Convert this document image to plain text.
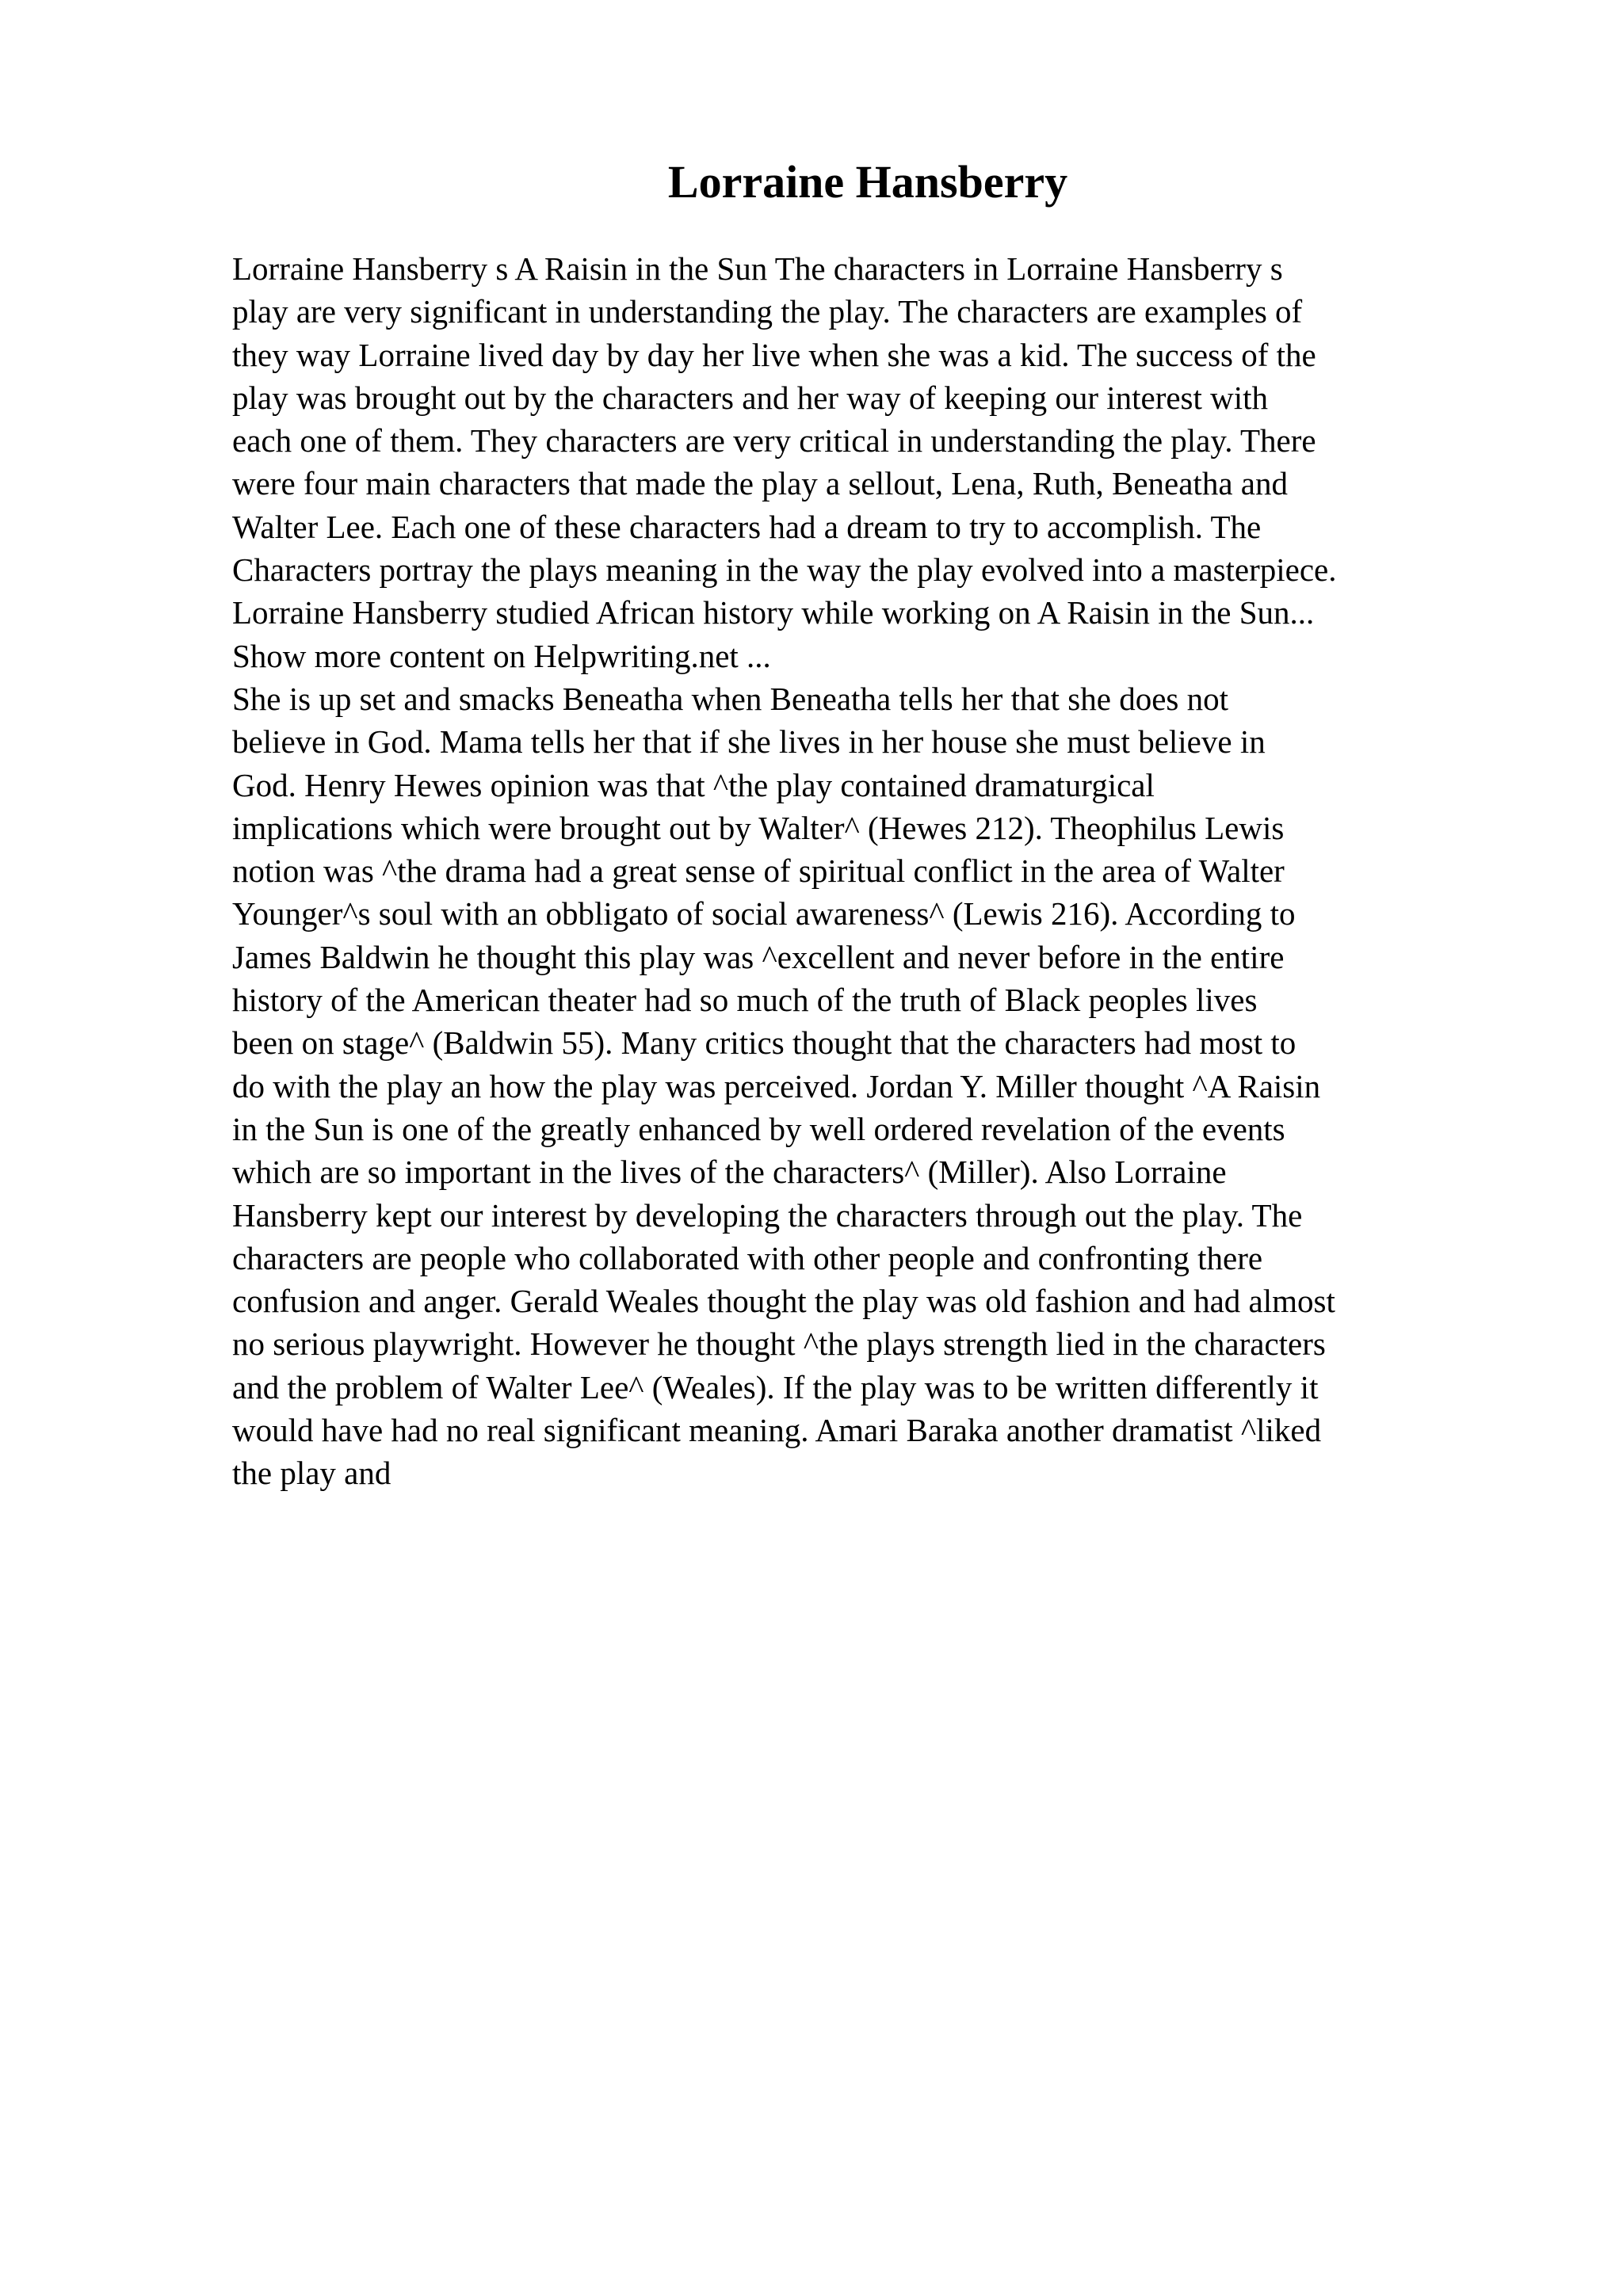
Lorraine Hansberry
Lorraine Hansberry s A Raisin in the Sun The characters in Lorraine Hansberry s
play are very significant in understanding the play. The characters are examples of
they way Lorraine lived day by day her live when she was a kid. The success of the
play was brought out by the characters and her way of keeping our interest with
each one of them. They characters are very critical in understanding the play. There
were four main characters that made the play a sellout, Lena, Ruth, Beneatha and
Walter Lee. Each one of these characters had a dream to try to accomplish. The
Characters portray the plays meaning in the way the play evolved into a masterpiece.
Lorraine Hansberry studied African history while working on A Raisin in the Sun...
Show more content on Helpwriting.net ...
She is up set and smacks Beneatha when Beneatha tells her that she does not
believe in God. Mama tells her that if she lives in her house she must believe in
God. Henry Hewes opinion was that ^the play contained dramaturgical
implications which were brought out by Walter^ (Hewes 212). Theophilus Lewis
notion was ^the drama had a great sense of spiritual conflict in the area of Walter
Younger^s soul with an obbligato of social awareness^ (Lewis 216). According to
James Baldwin he thought this play was ^excellent and never before in the entire
history of the American theater had so much of the truth of Black peoples lives
been on stage^ (Baldwin 55). Many critics thought that the characters had most to
do with the play an how the play was perceived. Jordan Y. Miller thought ^A Raisin
in the Sun is one of the greatly enhanced by well ordered revelation of the events
which are so important in the lives of the characters^ (Miller). Also Lorraine
Hansberry kept our interest by developing the characters through out the play. The
characters are people who collaborated with other people and confronting there
confusion and anger. Gerald Weales thought the play was old fashion and had almost
no serious playwright. However he thought ^the plays strength lied in the characters
and the problem of Walter Lee^ (Weales). If the play was to be written differently it
would have had no real significant meaning. Amari Baraka another dramatist ^liked
the play and
